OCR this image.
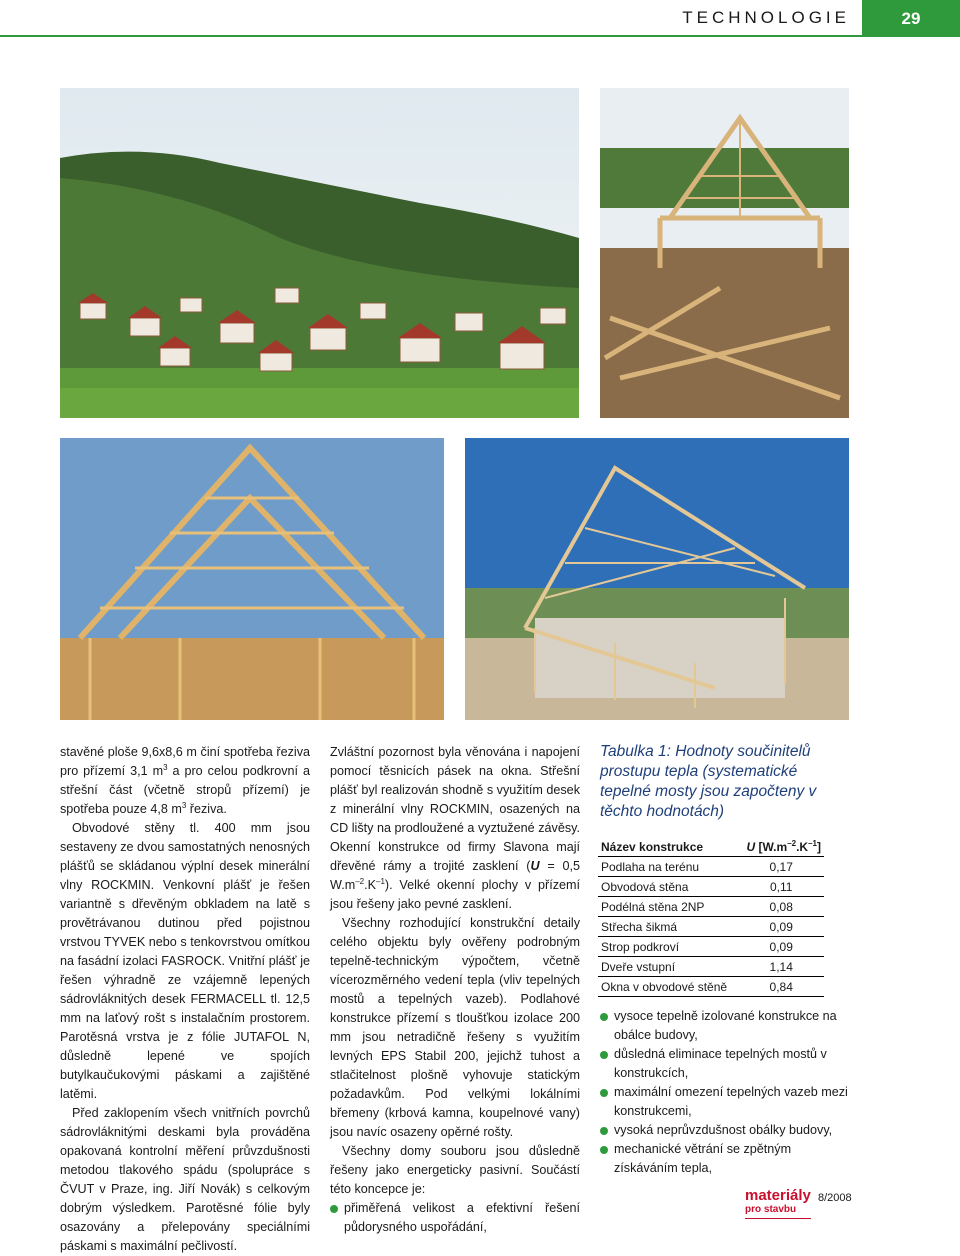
TECHNOLOGIE	29

stavěné ploše 9,6x8,6 m činí spotřeba řeziva pro přízemí 3,1 $m^3$ a pro celou podkrovní a střešní část (včetně stropů přízemí) je spotřeba pouze 4,8 $m^3$ řeziva.

Obvodové stěny tl. 400 mm jsou sestaveny ze dvou samostatných nenosných plášťů se skládanou výplní desek minerální vlny ROCKMIN. Venkovní plášť je řešen variantně s dřevěným obkladem na latě s provětrávanou dutinou před pojistnou vrstvou TYVEK nebo s tenkovrstvou omítkou na fasádní izolaci FASROCK. Vnitřní plášť je řešen výhradně ze vzájemně lepených sádrovláknitých desek FERMACELL tl. 12,5 mm na laťový rošt s instalačním prostorem. Parotěsná vrstva je z fólie JUTAFOL N, důsledně lepené ve spojích butylkaučukovými páskami a zajištěné latěmi.

Před zaklopením všech vnitřních povrchů sádrovláknitými deskami byla prováděna opakovaná kontrolní měření průvzdušnosti metodou tlakového spádu (spolupráce s ČVUT v Praze, ing. Jiří Novák) s celkovým dobrým výsledkem. Parotěsné fólie byly osazovány a přelepovány speciálními páskami s maximální pečlivostí.

Zvláštní pozornost byla věnována i napojení pomocí těsnicích pásek na okna. Střešní plášť byl realizován shodně s využitím desek z minerální vlny ROCKMIN, osazených na CD lišty na prodloužené a vyztužené závěsy. Okenní konstrukce od firmy Slavona mají dřevěné rámy a trojité zasklení (U = 0,5 $W.m^{-2}.K^{-1}$). Velké okenní plochy v přízemí jsou řešeny jako pevné zasklení.

Všechny rozhodující konstrukční detaily celého objektu byly ověřeny podrobným tepelně-technickým výpočtem, včetně vícerozměrného vedení tepla (vliv tepelných mostů a tepelných vazeb). Podlahové konstrukce přízemí s tloušťkou izolace 200 mm jsou netradičně řešeny s využitím levných EPS Stabil 200, jejichž tuhost a stlačitelnost plošně vyhovuje statickým požadavkům. Pod velkými lokálními břemeny (krbová kamna, koupelnové vany) jsou navíc osazeny opěrné rošty.

Všechny domy souboru jsou důsledně řešeny jako energeticky pasivní. Součástí této koncepce je:

přiměřená velikost a efektivní řešení půdorysného uspořádání,
Tabulka 1: Hodnoty součinitelů prostupu tepla (systematické tepelné mosty jsou započteny v těchto hodnotách)
Název konstrukce	U $[W.m^{-2}.K^{-1}]$
Podlaha na terénu	0,17
Obvodová stěna	0,11
Podélná stěna 2NP	0,08
Střecha šikmá	0,09
Strop podkroví	0,09
Dveře vstupní	1,14
Okna v obvodové stěně	0,84
vysoce tepelně izolované konstrukce na obálce budovy,
důsledná eliminace tepelných mostů v konstrukcích,
maximální omezení tepelných vazeb mezi konstrukcemi,
vysoká neprůvzdušnost obálky budovy,
mechanické větrání se zpětným získáváním tepla,
materiály
pro stavbu
8/2008
